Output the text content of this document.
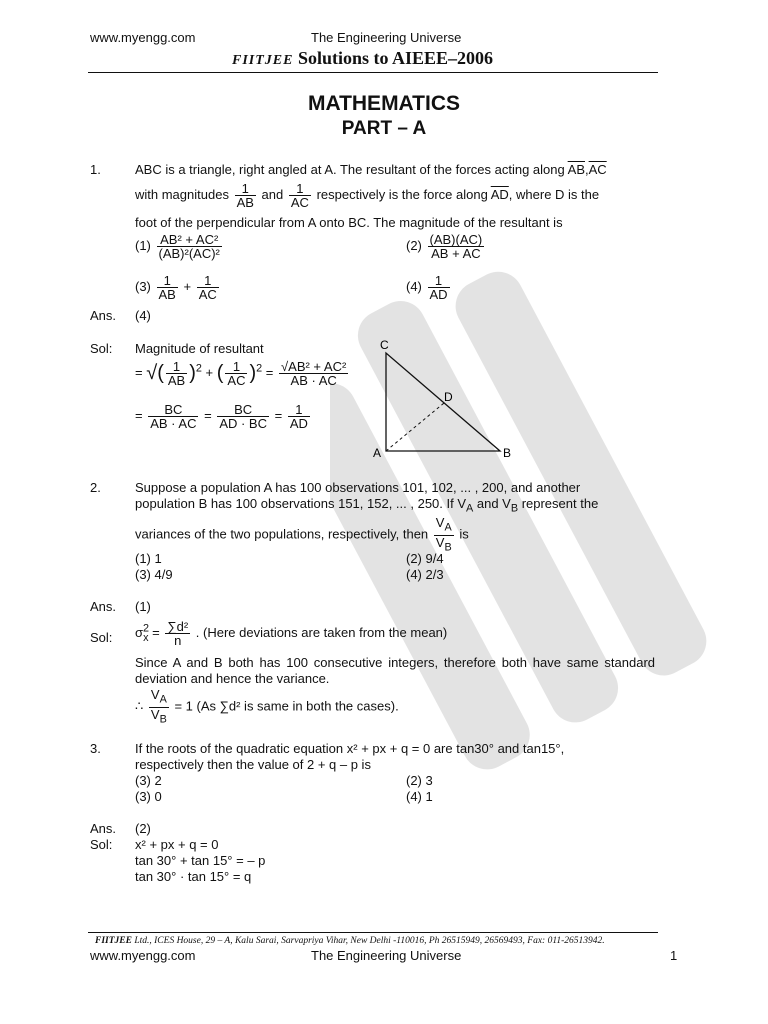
www.myengg.com	The Engineering Universe
FIITJEE Solutions to AIEEE–2006
MATHEMATICS
PART – A
1.	ABC is a triangle, right angled at A. The resultant of the forces acting along $\overline{AB},\overline{AC}$
with magnitudes $\frac{1}{AB}$ and $\frac{1}{AC}$ respectively is the force along $\overline{AD}$, where D is the
foot of the perpendicular from A onto BC. The magnitude of the resultant is
$(1) \frac{\text{AB² + AC²}}{\text{(AB)²(AC)²}}$	$(2) \frac{(AB)(AC)}{AB + AC}$
$(3) \frac{1}{AB} + \frac{1}{AC}$	$(4) \frac{1}{AD}$
Ans. (4)
Sol: Magnitude of resultant
= √( $\frac{1}{AB} )^2$ + ( $\frac{1}{AC} )^2 = \frac{\text{√AB² + AC²}}{AB \cdot AC}$
= $\frac{BC}{AB \cdot AC} = \frac{BC}{AD \cdot BC} = \frac{1}{AD}$
C
D
A	B
2.	Suppose a population A has 100 observations 101, 102, ... , 200, and another
population B has 100 observations 151, 152, ... , 250. If $V_A$ and $V_B$ represent the
variances of the two populations, respectively, then $\frac{V_A}{V_B}$ is
(1) 1	(2) 9/4
(3) 4/9	(4) 2/3
Ans. (1)
Sol: $\sigma^2_x = \frac{\text{∑d²}}{n}$ . (Here deviations are taken from the mean)
Since A and B both has 100 consecutive integers, therefore both have same standard deviation and hence the variance.
∴ $\frac{V_A}{V_B} = 1$ (As ∑d² is same in both the cases).
3.	If the roots of the quadratic equation x² + px + q = 0 are tan30° and tan15°,
respectively then the value of 2 + q – p is
(3) 2	(2) 3
(3) 0	(4) 1
Ans. (2)
Sol: x² + px + q = 0
tan 30° + tan 15° = – p
tan 30° · tan 15° = q
FIITJEE Ltd., ICES House, 29 – A, Kalu Sarai, Sarvapriya Vihar, New Delhi -110016, Ph 26515949, 26569493, Fax: 011-26513942.
www.myengg.com	The Engineering Universe	1
